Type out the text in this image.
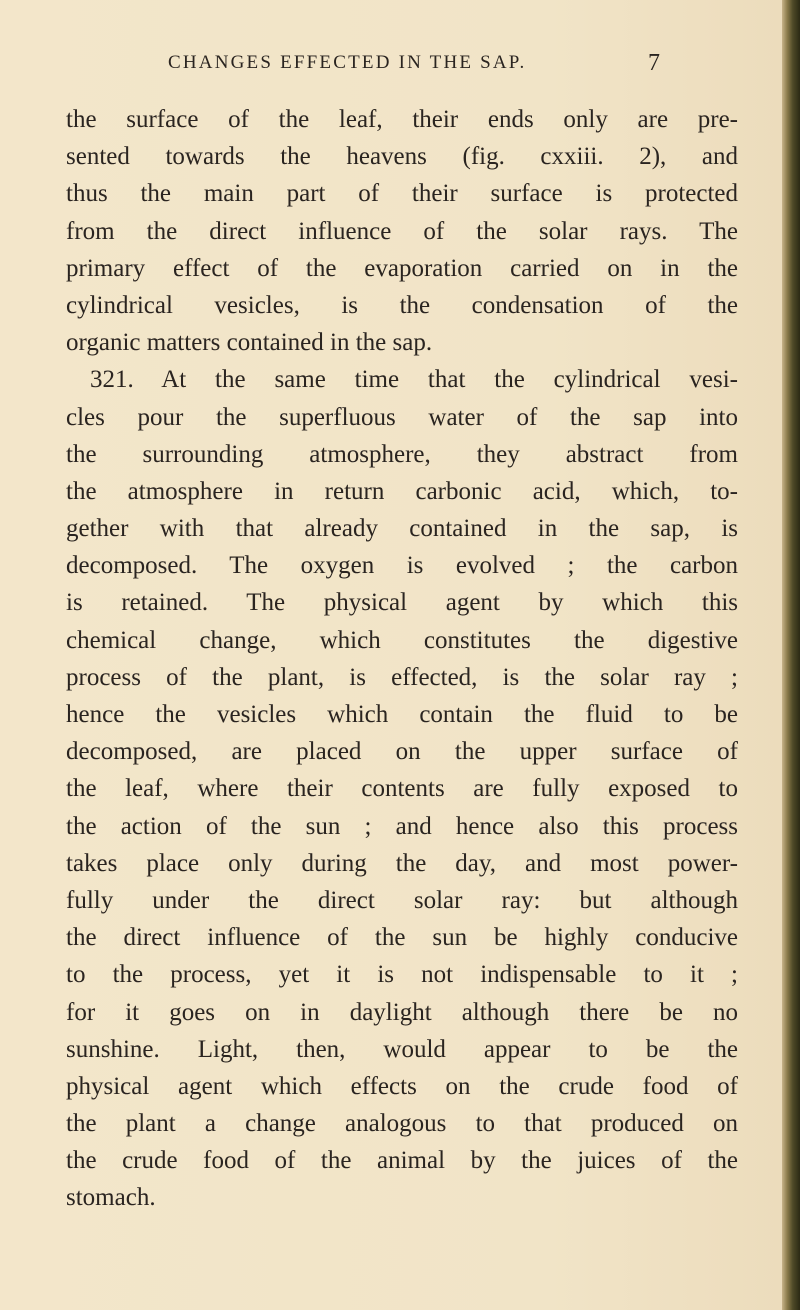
CHANGES EFFECTED IN THE SAP.	7
the surface of the leaf, their ends only are pre-
sented towards the heavens (fig. cxxiii. 2), and
thus the main part of their surface is protected
from the direct influence of the solar rays. The
primary effect of the evaporation carried on in the
cylindrical vesicles, is the condensation of the
organic matters contained in the sap.
321. At the same time that the cylindrical vesi-
cles pour the superfluous water of the sap into
the surrounding atmosphere, they abstract from
the atmosphere in return carbonic acid, which, to-
gether with that already contained in the sap, is
decomposed. The oxygen is evolved ; the carbon
is retained. The physical agent by which this
chemical change, which constitutes the digestive
process of the plant, is effected, is the solar ray ;
hence the vesicles which contain the fluid to be
decomposed, are placed on the upper surface of
the leaf, where their contents are fully exposed to
the action of the sun ; and hence also this process
takes place only during the day, and most power-
fully under the direct solar ray: but although
the direct influence of the sun be highly conducive
to the process, yet it is not indispensable to it ;
for it goes on in daylight although there be no
sunshine. Light, then, would appear to be the
physical agent which effects on the crude food of
the plant a change analogous to that produced on
the crude food of the animal by the juices of the
stomach.
